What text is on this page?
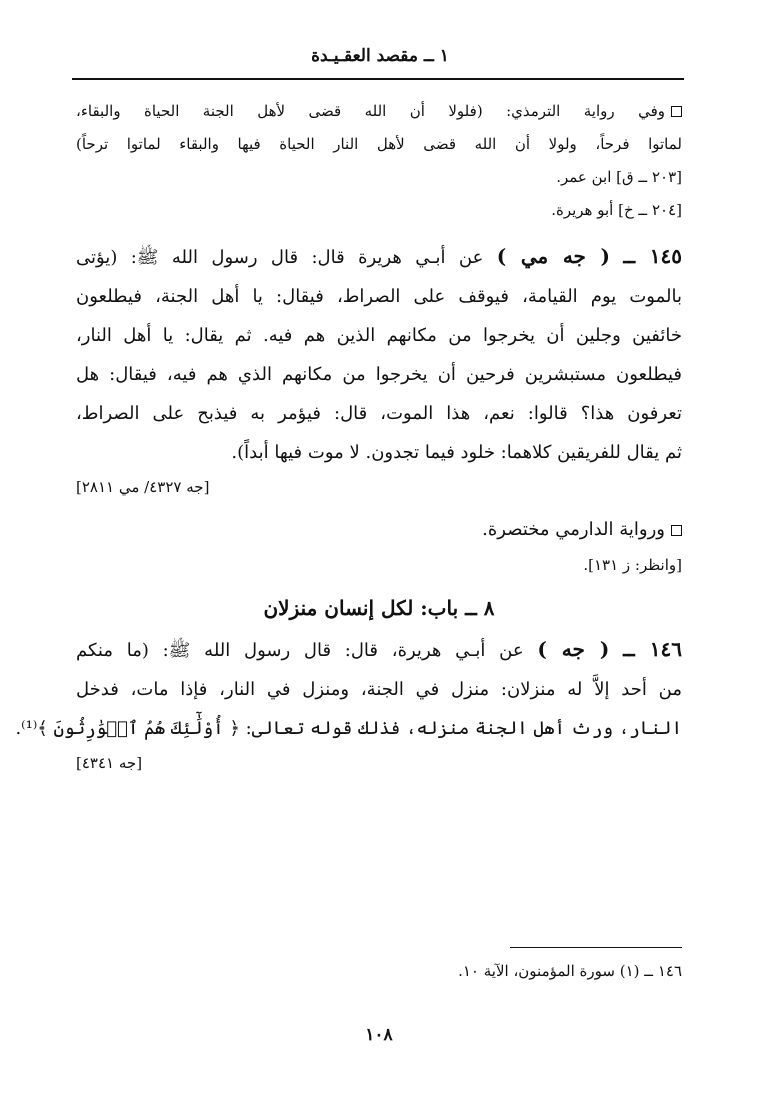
١ ــ مقصد العقـيـدة
وفي رواية الترمذي: (فلولا أن الله قضى لأهل الجنة الحياة والبقاء،
لماتوا فرحاً، ولولا أن الله قضى لأهل النار الحياة فيها والبقاء لماتوا ترحاً)
[٢٠٣ ــ ق] ابن عمر.
[٢٠٤ ــ خ] أبو هريرة.
١٤٥ ــ ( جه مي ) عن أبـي هريرة قال: قال رسول الله ﷺ: (يؤتى
بالموت يوم القيامة، فيوقف على الصراط، فيقال: يا أهل الجنة، فيطلعون
خائفين وجلين أن يخرجوا من مكانهم الذين هم فيه. ثم يقال: يا أهل النار،
فيطلعون مستبشرين فرحين أن يخرجوا من مكانهم الذي هم فيه، فيقال: هل
تعرفون هذا؟ قالوا: نعم، هذا الموت، قال: فيؤمر به فيذبح على الصراط،
ثم يقال للفريقين كلاهما: خلود فيما تجدون. لا موت فيها أبداً).
[جه ٤٣٢٧/ مي ٢٨١١]
ورواية الدارمي مختصرة.
[وانظر: ز ١٣١].
٨ ــ باب: لكل إنسان منزلان
١٤٦ ــ ( جه ) عن أبـي هريرة، قال: قال رسول الله ﷺ: (ما منكم
من أحد إلاَّ له منزلان: منزل في الجنة، ومنزل في النار، فإذا مات، فدخل
النار، ورث أهل الجنة منزله، فذلك قوله تعالى: ﴿ أُوْلَٰٓئِكَ هُمُ ٱلۡوَٰرِثُونَ ﴾⁽¹⁾.
[جه ٤٣٤١]
١٤٦ ــ (١) سورة المؤمنون، الآية ١٠.
١٠٨
